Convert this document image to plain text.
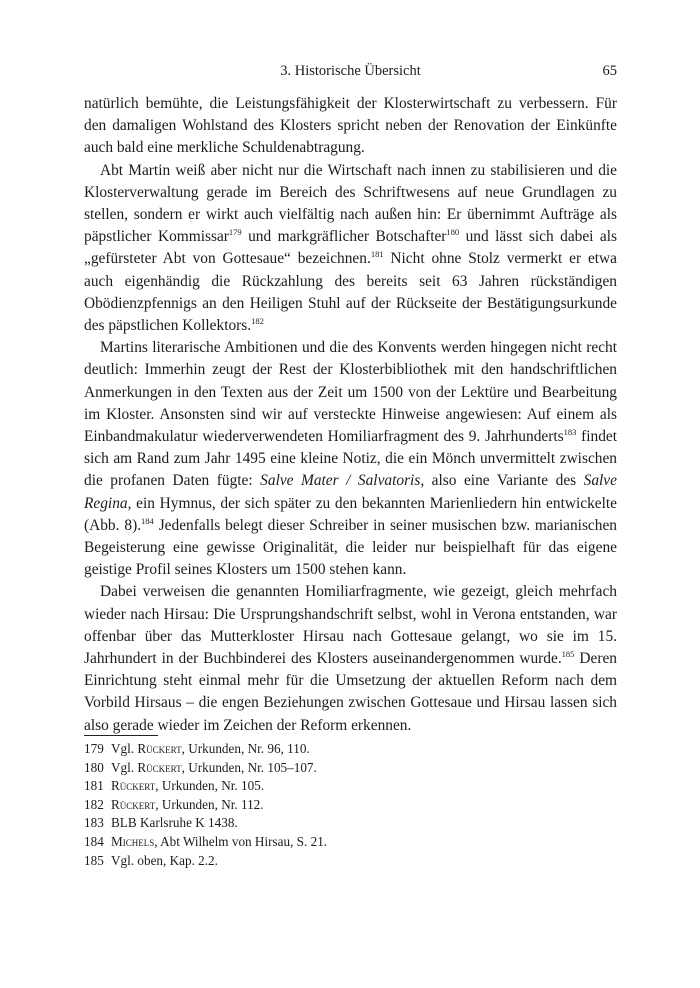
3. Historische Übersicht	65

natürlich bemühte, die Leistungsfähigkeit der Klosterwirtschaft zu verbessern. Für den damaligen Wohlstand des Klosters spricht neben der Renovation der Einkünfte auch bald eine merkliche Schuldenabtragung.

Abt Martin weiß aber nicht nur die Wirtschaft nach innen zu stabilisieren und die Klosterverwaltung gerade im Bereich des Schriftwesens auf neue Grundlagen zu stellen, sondern er wirkt auch vielfältig nach außen hin: Er übernimmt Aufträge als päpstlicher Kommissar$^{179}$ und markgräflicher Botschafter$^{180}$ und lässt sich dabei als „gefürsteter Abt von Gottesaue“ bezeichnen.$^{181}$ Nicht ohne Stolz vermerkt er etwa auch eigenhändig die Rückzahlung des bereits seit 63 Jahren rückständigen Obödienzpfennigs an den Heiligen Stuhl auf der Rückseite der Bestätigungsurkunde des päpstlichen Kollektors.$^{182}$

Martins literarische Ambitionen und die des Konvents werden hingegen nicht recht deutlich: Immerhin zeugt der Rest der Klosterbibliothek mit den handschriftlichen Anmerkungen in den Texten aus der Zeit um 1500 von der Lektüre und Bearbeitung im Kloster. Ansonsten sind wir auf versteckte Hinweise angewiesen: Auf einem als Einbandmakulatur wiederverwendeten Homiliarfragment des 9. Jahrhunderts$^{183}$ findet sich am Rand zum Jahr 1495 eine kleine Notiz, die ein Mönch unvermittelt zwischen die profanen Daten fügte: Salve Mater / Salvatoris, also eine Variante des Salve Regina, ein Hymnus, der sich später zu den bekannten Marienliedern hin entwickelte (Abb. 8).$^{184}$ Jedenfalls belegt dieser Schreiber in seiner musischen bzw. marianischen Begeisterung eine gewisse Originalität, die leider nur beispielhaft für das eigene geistige Profil seines Klosters um 1500 stehen kann.

Dabei verweisen die genannten Homiliarfragmente, wie gezeigt, gleich mehrfach wieder nach Hirsau: Die Ursprungshandschrift selbst, wohl in Verona entstanden, war offenbar über das Mutterkloster Hirsau nach Gottesaue gelangt, wo sie im 15. Jahrhundert in der Buchbinderei des Klosters auseinandergenommen wurde.$^{185}$ Deren Einrichtung steht einmal mehr für die Umsetzung der aktuellen Reform nach dem Vorbild Hirsaus – die engen Beziehungen zwischen Gottesaue und Hirsau lassen sich also gerade wieder im Zeichen der Reform erkennen.

179 Vgl. Rückert, Urkunden, Nr. 96, 110.
180 Vgl. Rückert, Urkunden, Nr. 105–107.
181 Rückert, Urkunden, Nr. 105.
182 Rückert, Urkunden, Nr. 112.
183 BLB Karlsruhe K 1438.
184 Michels, Abt Wilhelm von Hirsau, S. 21.
185 Vgl. oben, Kap. 2.2.
